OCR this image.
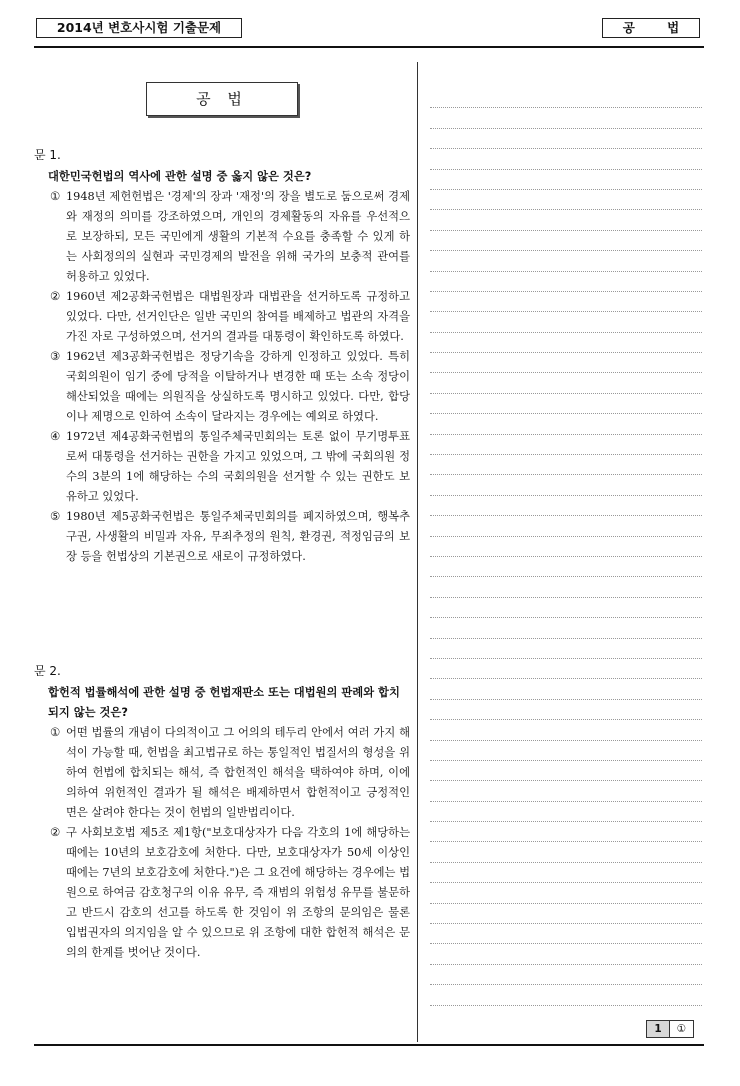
2014년 변호사시험 기출문제	공 법
공 법
문 1.
대한민국헌법의 역사에 관한 설명 중 옳지 않은 것은?

① 1948년 제헌헌법은 '경제'의 장과 '재정'의 장을 별도로 둠으로써 경제와 재정의 의미를 강조하였으며, 개인의 경제활동의 자유를 우선적으로 보장하되, 모든 국민에게 생활의 기본적 수요를 충족할 수 있게 하는 사회정의의 실현과 국민경제의 발전을 위해 국가의 보충적 관여를 허용하고 있었다.

② 1960년 제2공화국헌법은 대법원장과 대법관을 선거하도록 규정하고 있었다. 다만, 선거인단은 일반 국민의 참여를 배제하고 법관의 자격을 가진 자로 구성하였으며, 선거의 결과를 대통령이 확인하도록 하였다.

③ 1962년 제3공화국헌법은 정당기속을 강하게 인정하고 있었다. 특히 국회의원이 임기 중에 당적을 이탈하거나 변경한 때 또는 소속 정당이 해산되었을 때에는 의원직을 상실하도록 명시하고 있었다. 다만, 합당이나 제명으로 인하여 소속이 달라지는 경우에는 예외로 하였다.

④ 1972년 제4공화국헌법의 통일주체국민회의는 토론 없이 무기명투표로써 대통령을 선거하는 권한을 가지고 있었으며, 그 밖에 국회의원 정수의 3분의 1에 해당하는 수의 국회의원을 선거할 수 있는 권한도 보유하고 있었다.

⑤ 1980년 제5공화국헌법은 통일주체국민회의를 폐지하였으며, 행복추구권, 사생활의 비밀과 자유, 무죄추정의 원칙, 환경권, 적정임금의 보장 등을 헌법상의 기본권으로 새로이 규정하였다.

문 2.
합헌적 법률해석에 관한 설명 중 헌법재판소 또는 대법원의 판례와 합치되지 않는 것은?

① 어떤 법률의 개념이 다의적이고 그 어의의 테두리 안에서 여러 가지 해석이 가능할 때, 헌법을 최고법규로 하는 통일적인 법질서의 형성을 위하여 헌법에 합치되는 해석, 즉 합헌적인 해석을 택하여야 하며, 이에 의하여 위헌적인 결과가 될 해석은 배제하면서 합헌적이고 긍정적인 면은 살려야 한다는 것이 헌법의 일반법리이다.

② 구 사회보호법 제5조 제1항("보호대상자가 다음 각호의 1에 해당하는 때에는 10년의 보호감호에 처한다. 다만, 보호대상자가 50세 이상인 때에는 7년의 보호감호에 처한다.")은 그 요건에 해당하는 경우에는 법원으로 하여금 감호청구의 이유 유무, 즉 재범의 위험성 유무를 불문하고 반드시 감호의 선고를 하도록 한 것임이 위 조항의 문의임은 물론 입법권자의 의지임을 알 수 있으므로 위 조항에 대한 합헌적 해석은 문의의 한계를 벗어난 것이다.

1	①
